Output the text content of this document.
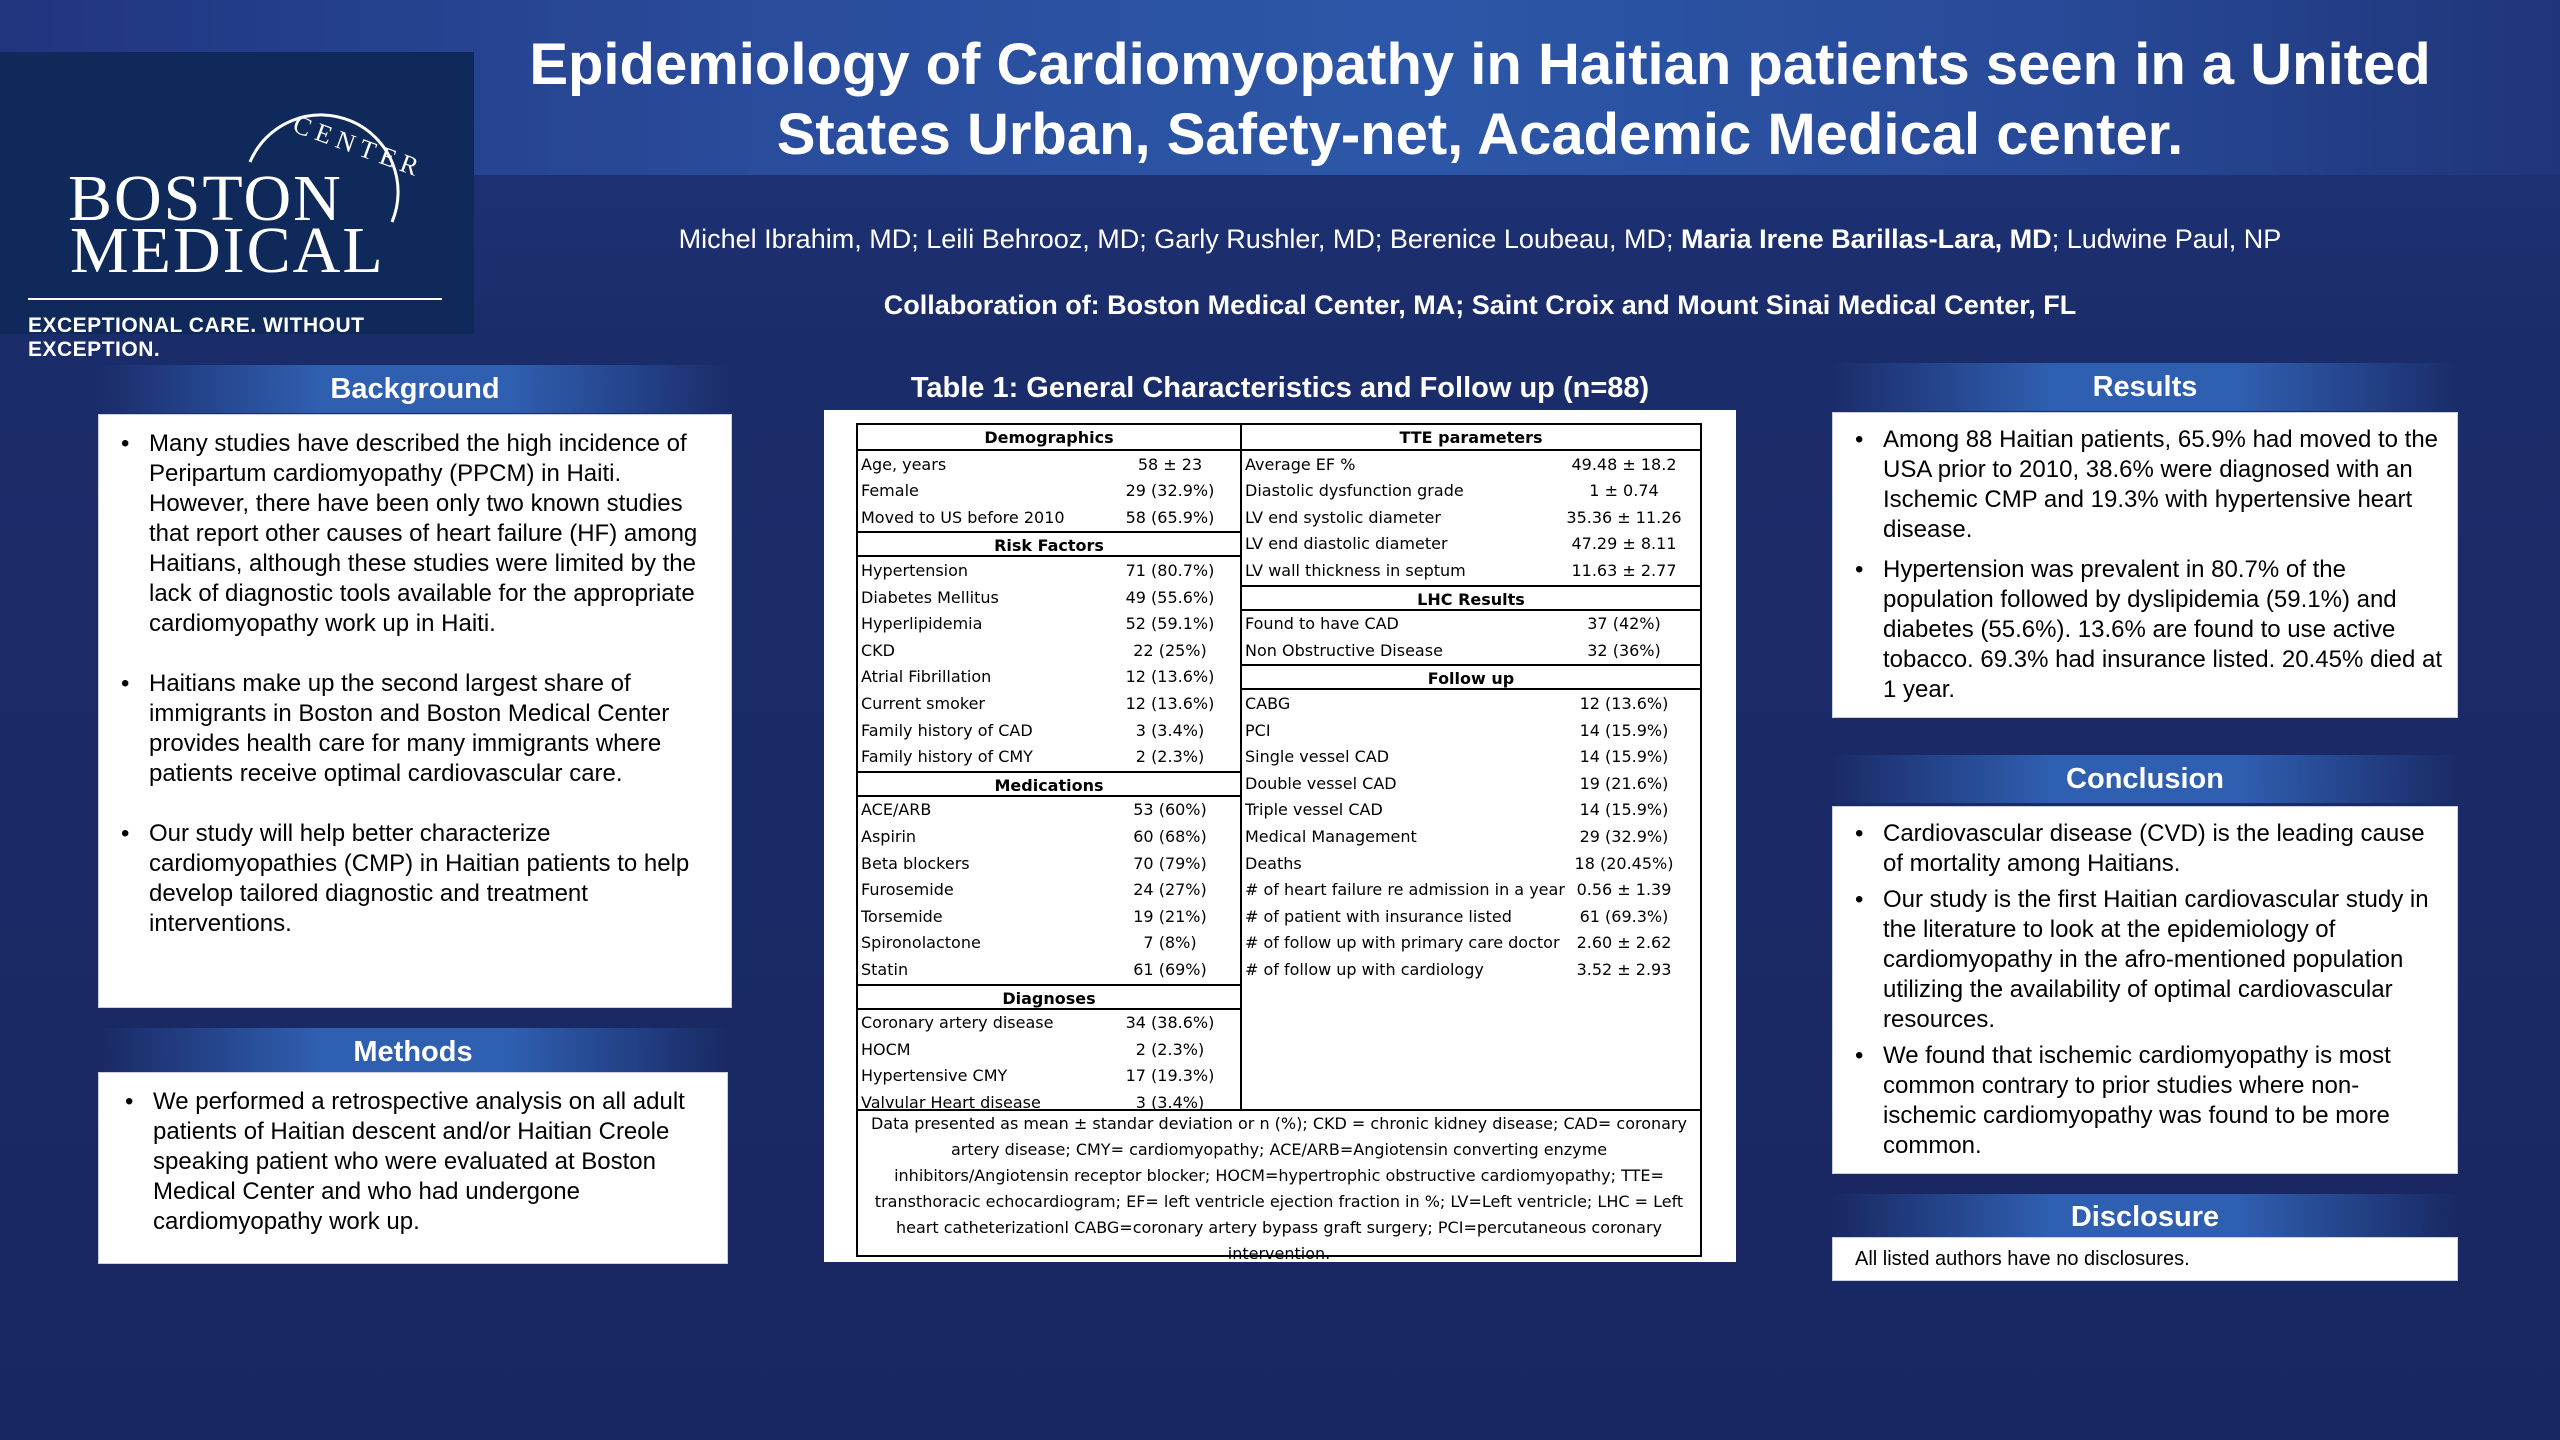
CENTER
BOSTON
MEDICAL
EXCEPTIONAL CARE. WITHOUT EXCEPTION.
Epidemiology of Cardiomyopathy in Haitian patients seen in a United
States Urban, Safety-net, Academic Medical center.
Michel Ibrahim, MD; Leili Behrooz, MD; Garly Rushler, MD; Berenice Loubeau, MD; Maria Irene Barillas-Lara, MD; Ludwine Paul, NP
Collaboration of: Boston Medical Center, MA; Saint Croix and Mount Sinai Medical Center, FL
Background
• Many studies have described the high incidence of Peripartum cardiomyopathy (PPCM) in Haiti. However, there have been only two known studies that report other causes of heart failure (HF) among Haitians, although these studies were limited by the lack of diagnostic tools available for the appropriate cardiomyopathy work up in Haiti.
• Haitians make up the second largest share of immigrants in Boston and Boston Medical Center provides health care for many immigrants where patients receive optimal cardiovascular care.
• Our study will help better characterize cardiomyopathies (CMP) in Haitian patients to help develop tailored diagnostic and treatment interventions.
Methods
• We performed a retrospective analysis on all adult patients of Haitian descent and/or Haitian Creole speaking patient who were evaluated at Boston Medical Center and who had undergone cardiomyopathy work up.
Table 1: General Characteristics and Follow up (n=88)
Demographics
Age, years	58 ± 23
Female	29 (32.9%)
Moved to US before 2010	58 (65.9%)
Risk Factors
Hypertension	71 (80.7%)
Diabetes Mellitus	49 (55.6%)
Hyperlipidemia	52 (59.1%)
CKD	22 (25%)
Atrial Fibrillation	12 (13.6%)
Current smoker	12 (13.6%)
Family history of CAD	3 (3.4%)
Family history of CMY	2 (2.3%)
Medications
ACE/ARB	53 (60%)
Aspirin	60 (68%)
Beta blockers	70 (79%)
Furosemide	24 (27%)
Torsemide	19 (21%)
Spironolactone	7 (8%)
Statin	61 (69%)
Diagnoses
Coronary artery disease	34 (38.6%)
HOCM	2 (2.3%)
Hypertensive CMY	17 (19.3%)
Valvular Heart disease	3 (3.4%)
TTE parameters
Average EF %	49.48 ± 18.2
Diastolic dysfunction grade	1 ± 0.74
LV end systolic diameter	35.36 ± 11.26
LV end diastolic diameter	47.29 ± 8.11
LV wall thickness in septum	11.63 ± 2.77
LHC Results
Found to have CAD	37 (42%)
Non Obstructive Disease	32 (36%)
Follow up
CABG	12 (13.6%)
PCI	14 (15.9%)
Single vessel CAD	14 (15.9%)
Double vessel CAD	19 (21.6%)
Triple vessel CAD	14 (15.9%)
Medical Management	29 (32.9%)
Deaths	18 (20.45%)
# of heart failure re admission in a year 0.56 ± 1.39
# of patient with insurance listed	61 (69.3%)
# of follow up with primary care doctor	2.60 ± 2.62
# of follow up with cardiology	3.52 ± 2.93
Data presented as mean ± standar deviation or n (%); CKD = chronic kidney disease; CAD= coronary artery disease; CMY= cardiomyopathy; ACE/ARB=Angiotensin converting enzyme inhibitors/Angiotensin receptor blocker; HOCM=hypertrophic obstructive cardiomyopathy; TTE= transthoracic echocardiogram; EF= left ventricle ejection fraction in %; LV=Left ventricle; LHC = Left heart catheterizationl CABG=coronary artery bypass graft surgery; PCI=percutaneous coronary intervention.
Results
• Among 88 Haitian patients, 65.9% had moved to the USA prior to 2010, 38.6% were diagnosed with an Ischemic CMP and 19.3% with hypertensive heart disease.
• Hypertension was prevalent in 80.7% of the population followed by dyslipidemia (59.1%) and diabetes (55.6%). 13.6% are found to use active tobacco. 69.3% had insurance listed. 20.45% died at 1 year.
Conclusion
• Cardiovascular disease (CVD) is the leading cause of mortality among Haitians.
• Our study is the first Haitian cardiovascular study in the literature to look at the epidemiology of cardiomyopathy in the afro-mentioned population utilizing the availability of optimal cardiovascular resources.
• We found that ischemic cardiomyopathy is most common contrary to prior studies where non-ischemic cardiomyopathy was found to be more common.
Disclosure
All listed authors have no disclosures.
